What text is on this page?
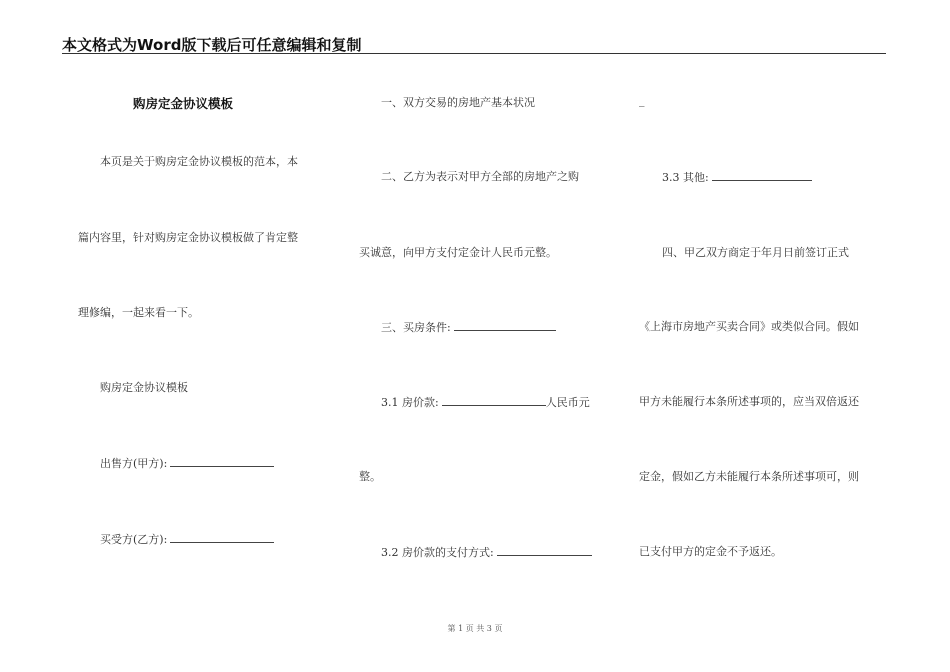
本文格式为Word版下载后可任意编辑和复制
购房定金协议模板
本页是关于购房定金协议模板的范本，本
篇内容里，针对购房定金协议模板做了肯定整
理修编，一起来看一下。
购房定金协议模板
出售方(甲方):
买受方(乙方):
一、双方交易的房地产基本状况
二、乙方为表示对甲方全部的房地产之购
买诚意，向甲方支付定金计人民币元整。
三、买房条件:
3.1 房价款:	人民币元
整。
3.2 房价款的支付方式:
_
3.3 其他:
四、甲乙双方商定于年月日前签订正式
《上海市房地产买卖合同》或类似合同。假如
甲方未能履行本条所述事项的，应当双倍返还
定金，假如乙方未能履行本条所述事项可，则
已支付甲方的定金不予返还。
第 1 页 共 3 页
